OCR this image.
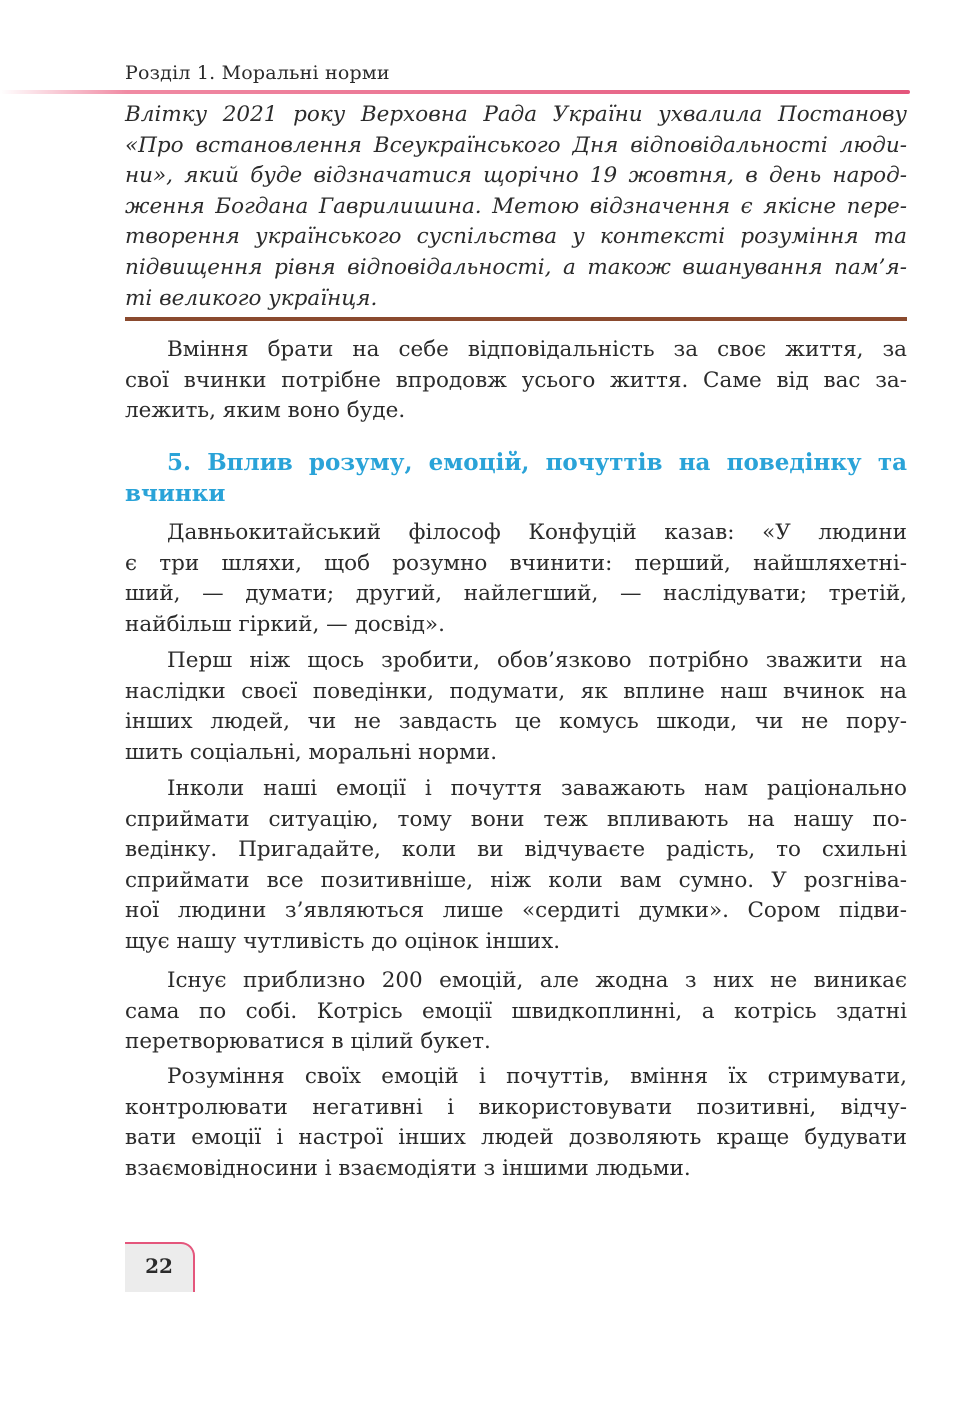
Розділ 1. Моральні норми
Влітку 2021 року Верховна Рада України ухвалила Постанову
«Про встановлення Всеукраїнського Дня відповідальності люди-
ни», який буде відзначатися щорічно 19 жовтня, в день народ-
ження Богдана Гаврилишина. Метою відзначення є якісне пере-
творення українського суспільства у контексті розуміння та
підвищення рівня відповідальності, а також вшанування пам’я-
ті великого українця.
Вміння брати на себе відповідальність за своє життя, за
свої вчинки потрібне впродовж усього життя. Саме від вас за-
лежить, яким воно буде.
5. Вплив розуму, емоцій, почуттів на поведінку та
вчинки
Давньокитайський філософ Конфуцій казав: «У людини
є три шляхи, щоб розумно вчинити: перший, найшляхетні-
ший, — думати; другий, найлегший, — наслідувати; третій,
найбільш гіркий, — досвід».
Перш ніж щось зробити, обов’язково потрібно зважити на
наслідки своєї поведінки, подумати, як вплине наш вчинок на
інших людей, чи не завдасть це комусь шкоди, чи не пору-
шить соціальні, моральні норми.
Інколи наші емоції і почуття заважають нам раціонально
сприймати ситуацію, тому вони теж впливають на нашу по-
ведінку. Пригадайте, коли ви відчуваєте радість, то схильні
сприймати все позитивніше, ніж коли вам сумно. У розгніва-
ної людини з’являються лише «сердиті думки». Сором підви-
щує нашу чутливість до оцінок інших.
Існує приблизно 200 емоцій, але жодна з них не виникає
сама по собі. Котрісь емоції швидкоплинні, а котрісь здатні
перетворюватися в цілий букет.
Розуміння своїх емоцій і почуттів, вміння їх стримувати,
контролювати негативні і використовувати позитивні, відчу-
вати емоції і настрої інших людей дозволяють краще будувати
взаємовідносини і взаємодіяти з іншими людьми.
22
